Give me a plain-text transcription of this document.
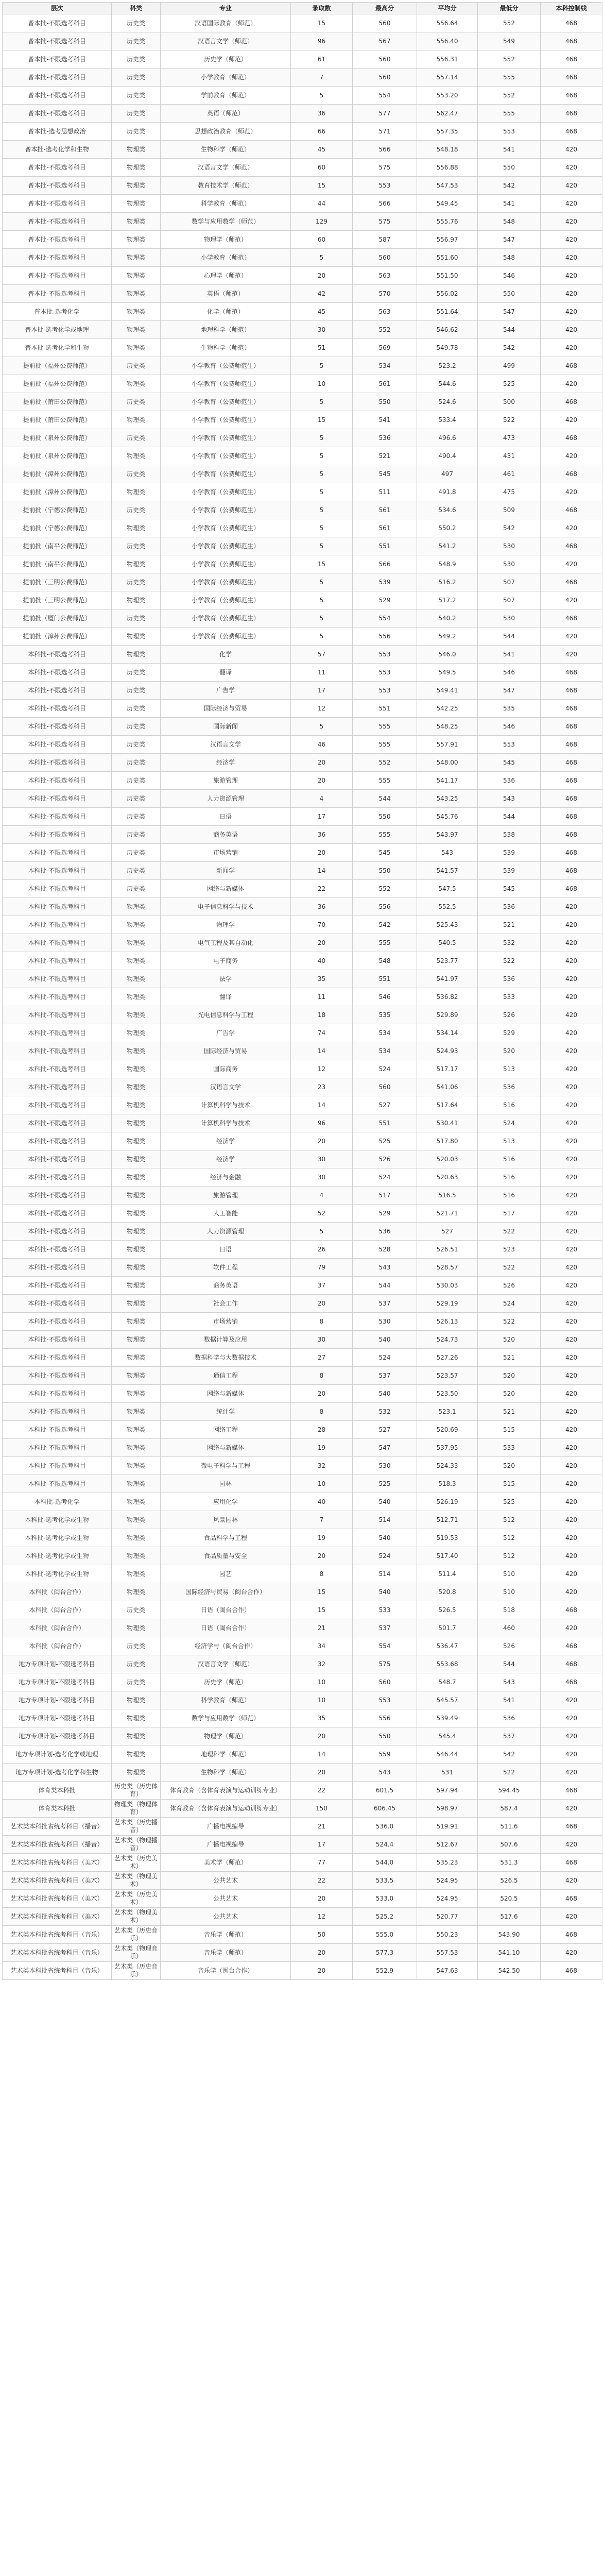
层次	科类	专业	录取数	最高分	平均分	最低分	本科控制线
普本批-不限选考科目	历史类	汉语国际教育（师范）	15	560	556.64	552	468
普本批-不限选考科目	历史类	汉语言文学（师范）	96	567	556.40	549	468
普本批-不限选考科目	历史类	历史学（师范）	61	560	556.31	552	468
普本批-不限选考科目	历史类	小学教育（师范）	7	560	557.14	555	468
普本批-不限选考科目	历史类	学前教育（师范）	5	554	553.20	552	468
普本批-不限选考科目	历史类	英语（师范）	36	577	562.47	555	468
普本批-选考思想政治	历史类	思想政治教育（师范）	66	571	557.35	553	468
普本批-选考化学和生物	物理类	生物科学（师范）	45	566	548.18	541	420
普本批-不限选考科目	物理类	汉语言文学（师范）	60	575	556.88	550	420
普本批-不限选考科目	物理类	教育技术学（师范）	15	553	547.53	542	420
普本批-不限选考科目	物理类	科学教育（师范）	44	566	549.45	541	420
普本批-不限选考科目	物理类	数学与应用数学（师范）	129	575	555.76	548	420
普本批-不限选考科目	物理类	物理学（师范）	60	587	556.97	547	420
普本批-不限选考科目	物理类	小学教育（师范）	5	560	551.60	548	420
普本批-不限选考科目	物理类	心理学（师范）	20	563	551.50	546	420
普本批-不限选考科目	物理类	英语（师范）	42	570	556.02	550	420
普本批-选考化学	物理类	化学（师范）	45	563	551.64	547	420
普本批-选考化学或地理	物理类	地理科学（师范）	30	552	546.62	544	420
普本批-选考化学和生物	物理类	生物科学（师范）	51	569	549.78	542	420
提前批（福州公费师范）	历史类	小学教育（公费师范生）	5	534	523.2	499	468
提前批（福州公费师范）	物理类	小学教育（公费师范生）	10	561	544.6	525	420
提前批（莆田公费师范）	历史类	小学教育（公费师范生）	5	550	524.6	500	468
提前批（莆田公费师范）	物理类	小学教育（公费师范生）	15	541	533.4	522	420
提前批（泉州公费师范）	历史类	小学教育（公费师范生）	5	536	496.6	473	468
提前批（泉州公费师范）	物理类	小学教育（公费师范生）	5	521	490.4	431	420
提前批（漳州公费师范）	历史类	小学教育（公费师范生）	5	545	497	461	468
提前批（漳州公费师范）	物理类	小学教育（公费师范生）	5	511	491.8	475	420
提前批（宁德公费师范）	历史类	小学教育（公费师范生）	5	561	534.6	509	468
提前批（宁德公费师范）	物理类	小学教育（公费师范生）	5	561	550.2	542	420
提前批（南平公费师范）	历史类	小学教育（公费师范生）	5	551	541.2	530	468
提前批（南平公费师范）	物理类	小学教育（公费师范生）	15	566	548.9	530	420
提前批（三明公费师范）	历史类	小学教育（公费师范生）	5	539	516.2	507	468
提前批（三明公费师范）	物理类	小学教育（公费师范生）	5	529	517.2	507	420
提前批（厦门公费师范）	历史类	小学教育（公费师范生）	5	554	540.2	530	468
提前批（漳州公费师范）	物理类	小学教育（公费师范生）	5	556	549.2	544	420
本科批-不限选考科目	物理类	化学	57	553	546.0	541	420
本科批-不限选考科目	历史类	翻译	11	553	549.5	546	468
本科批-不限选考科目	历史类	广告学	17	553	549.41	547	468
本科批-不限选考科目	历史类	国际经济与贸易	12	551	542.25	535	468
本科批-不限选考科目	历史类	国际新闻	5	555	548.25	546	468
本科批-不限选考科目	历史类	汉语言文学	46	555	557.91	553	468
本科批-不限选考科目	历史类	经济学	20	552	548.00	545	468
本科批-不限选考科目	历史类	旅游管理	20	555	541.17	536	468
本科批-不限选考科目	历史类	人力资源管理	4	544	543.25	543	468
本科批-不限选考科目	历史类	日语	17	550	545.76	544	468
本科批-不限选考科目	历史类	商务英语	36	555	543.97	538	468
本科批-不限选考科目	历史类	市场营销	20	545	543	539	468
本科批-不限选考科目	历史类	新闻学	14	550	541.57	539	468
本科批-不限选考科目	历史类	网络与新媒体	22	552	547.5	545	468
本科批-不限选考科目	物理类	电子信息科学与技术	36	556	552.5	536	420
本科批-不限选考科目	物理类	物理学	70	542	525.43	521	420
本科批-不限选考科目	物理类	电气工程及其自动化	20	555	540.5	532	420
本科批-不限选考科目	物理类	电子商务	40	548	523.77	522	420
本科批-不限选考科目	物理类	法学	35	551	541.97	536	420
本科批-不限选考科目	物理类	翻译	11	546	536.82	533	420
本科批-不限选考科目	物理类	光电信息科学与工程	18	535	529.89	526	420
本科批-不限选考科目	物理类	广告学	74	534	534.14	529	420
本科批-不限选考科目	物理类	国际经济与贸易	14	534	524.93	520	420
本科批-不限选考科目	物理类	国际商务	12	524	517.17	513	420
本科批-不限选考科目	物理类	汉语言文学	23	560	541.06	536	420
本科批-不限选考科目	物理类	计算机科学与技术	14	527	517.64	516	420
本科批-不限选考科目	物理类	计算机科学与技术	96	551	530.41	524	420
本科批-不限选考科目	物理类	经济学	20	525	517.80	513	420
本科批-不限选考科目	物理类	经济学	30	526	520.03	516	420
本科批-不限选考科目	物理类	经济与金融	30	524	520.63	516	420
本科批-不限选考科目	物理类	旅游管理	4	517	516.5	516	420
本科批-不限选考科目	物理类	人工智能	52	529	521.71	517	420
本科批-不限选考科目	物理类	人力资源管理	5	536	527	522	420
本科批-不限选考科目	物理类	日语	26	528	526.51	523	420
本科批-不限选考科目	物理类	软件工程	79	543	528.57	522	420
本科批-不限选考科目	物理类	商务英语	37	544	530.03	526	420
本科批-不限选考科目	物理类	社会工作	20	537	529.19	524	420
本科批-不限选考科目	物理类	市场营销	8	530	526.13	522	420
本科批-不限选考科目	物理类	数据计算及应用	30	540	524.73	520	420
本科批-不限选考科目	物理类	数据科学与大数据技术	27	524	527.26	521	420
本科批-不限选考科目	物理类	通信工程	8	537	523.57	520	420
本科批-不限选考科目	物理类	网络与新媒体	20	540	523.50	520	420
本科批-不限选考科目	物理类	统计学	8	532	523.1	521	420
本科批-不限选考科目	物理类	网络工程	28	527	520.69	515	420
本科批-不限选考科目	物理类	网络与新媒体	19	547	537.95	533	420
本科批-不限选考科目	物理类	微电子科学与工程	32	530	524.33	520	420
本科批-不限选考科目	物理类	园林	10	525	518.3	515	420
本科批-选考化学	物理类	应用化学	40	540	526.19	525	420
本科批-选考化学或生物	物理类	风景园林	7	514	512.71	512	420
本科批-选考化学或生物	物理类	食品科学与工程	19	540	519.53	512	420
本科批-选考化学或生物	物理类	食品质量与安全	20	524	517.40	512	420
本科批-选考化学或生物	物理类	园艺	8	514	511.4	510	420
本科批（闽台合作）	物理类	国际经济与贸易（闽台合作）	15	540	520.8	510	420
本科批（闽台合作）	历史类	日语（闽台合作）	15	533	526.5	518	468
本科批（闽台合作）	物理类	日语（闽台合作）	21	537	501.7	460	420
本科批（闽台合作）	历史类	经济学与（闽台合作）	34	554	536.47	526	468
地方专项计划-不限选考科目	历史类	汉语言文学（师范）	32	575	553.68	544	468
地方专项计划-不限选考科目	历史类	历史学（师范）	10	560	548.7	543	468
地方专项计划-不限选考科目	物理类	科学教育（师范）	10	553	545.57	541	420
地方专项计划-不限选考科目	物理类	数学与应用数学（师范）	35	556	539.49	536	420
地方专项计划-不限选考科目	物理类	物理学（师范）	20	550	545.4	537	420
地方专项计划-选考化学或地理	物理类	地理科学（师范）	14	559	546.44	542	420
地方专项计划-选考化学和生物	物理类	生物科学（师范）	20	543	531	522	420
体育类本科批	历史类（历史体育）	体育教育（含体育表演与运动训练专业）	22	601.5	597.94	594.45	468
体育类本科批	物理类（物理体育）	体育教育（含体育表演与运动训练专业）	150	606.45	598.97	587.4	420
艺术类本科批省统考科目（播音）	艺术类（历史播音）	广播电视编导	21	536.0	519.91	511.6	468
艺术类本科批省统考科目（播音）	艺术类（物理播音）	广播电视编导	17	524.4	512.67	507.6	420
艺术类本科批省统考科目（美术）	艺术类（历史美术）	美术学（师范）	77	544.0	535.23	531.3	468
艺术类本科批省统考科目（美术）	艺术类（物理美术）	公共艺术	22	533.5	524.95	526.5	420
艺术类本科批省统考科目（美术）	艺术类（历史美术）	公共艺术	20	533.0	524.95	520.5	468
艺术类本科批省统考科目（美术）	艺术类（物理美术）	公共艺术	12	525.2	520.77	517.6	420
艺术类本科批省统考科目（音乐）	艺术类（历史音乐）	音乐学（师范）	50	555.0	550.23	543.90	468
艺术类本科批省统考科目（音乐）	艺术类（物理音乐）	音乐学（师范）	20	577.3	557.53	541.10	420
艺术类本科批省统考科目（音乐）	艺术类（历史音乐）	音乐学（闽台合作）	20	552.9	547.63	542.50	468
